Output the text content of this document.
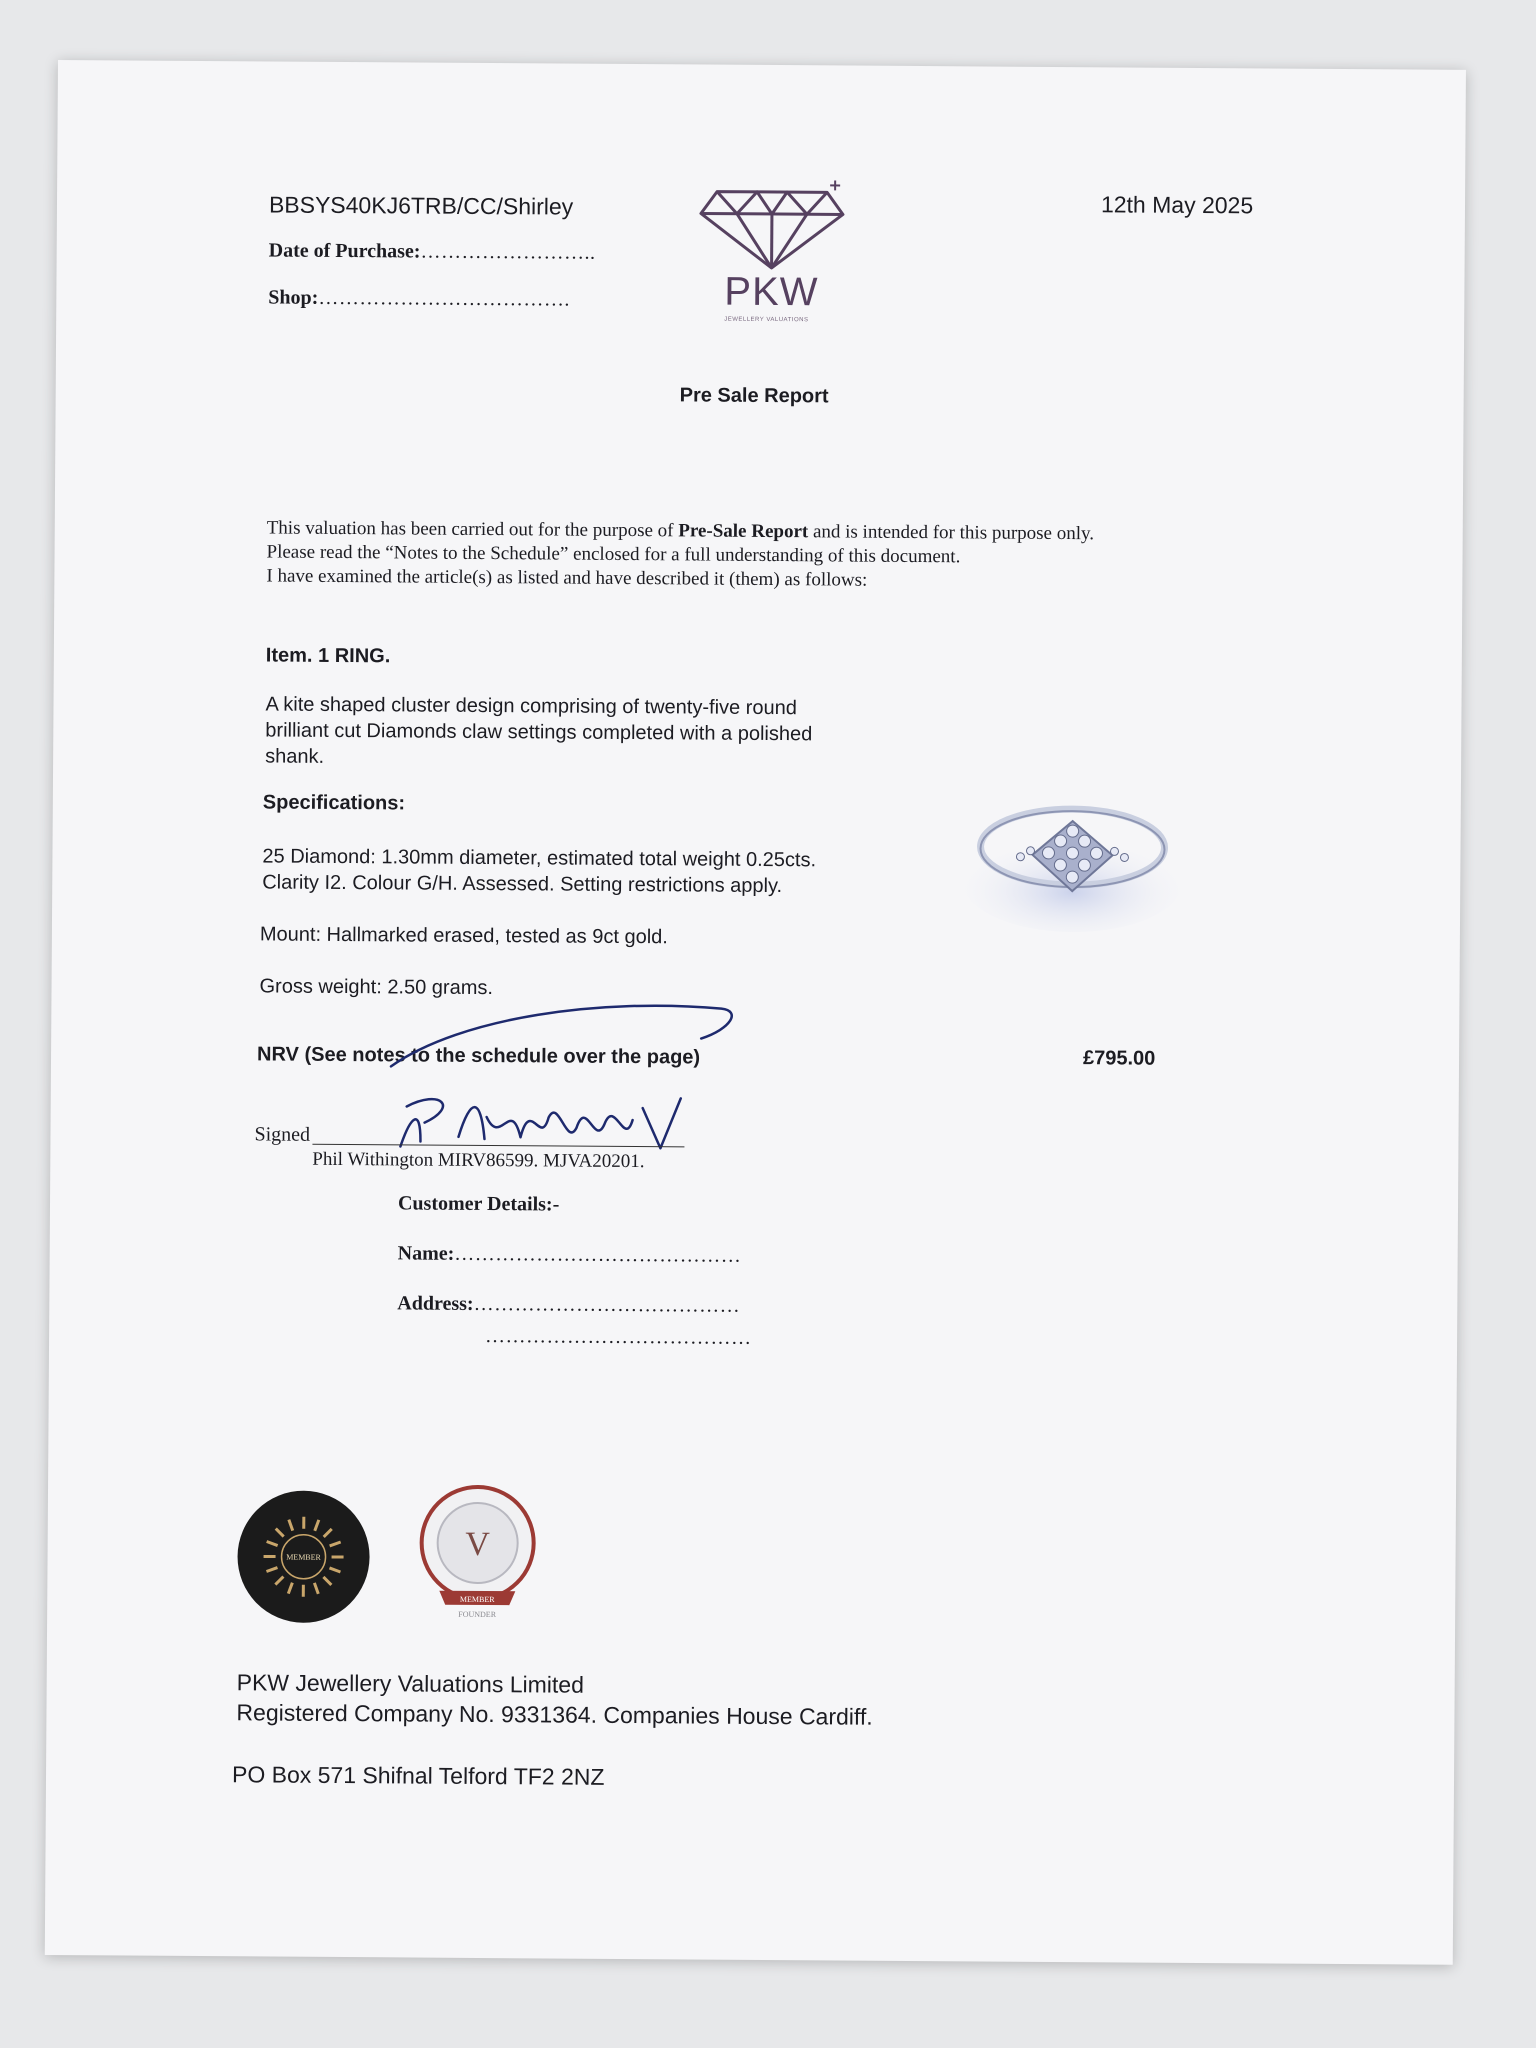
BBSYS40KJ6TRB/CC/Shirley	12th May 2025
Date of Purchase:……………………..
Shop:……………………………….	PKW
JEWELLERY VALUATIONS
Pre Sale Report
This valuation has been carried out for the purpose of Pre-Sale Report and is intended for this purpose only.
Please read the “Notes to the Schedule” enclosed for a full understanding of this document.
I have examined the article(s) as listed and have described it (them) as follows:
Item. 1 RING.
A kite shaped cluster design comprising of twenty-five round brilliant cut Diamonds claw settings completed with a polished shank.
Specifications:
25 Diamond: 1.30mm diameter, estimated total weight 0.25cts.
Clarity I2. Colour G/H. Assessed. Setting restrictions apply.
Mount: Hallmarked erased, tested as 9ct gold.
Gross weight: 2.50 grams.
NRV (See notes to the schedule over the page)	£795.00
Signed
Phil Withington MIRV86599. MJVA20201.
Customer Details:-
Name:……………………………………
Address:…………………………………
…………………………………
MEMBER	V
MEMBER
FOUNDER
PKW Jewellery Valuations Limited
Registered Company No. 9331364. Companies House Cardiff.
PO Box 571 Shifnal Telford TF2 2NZ
